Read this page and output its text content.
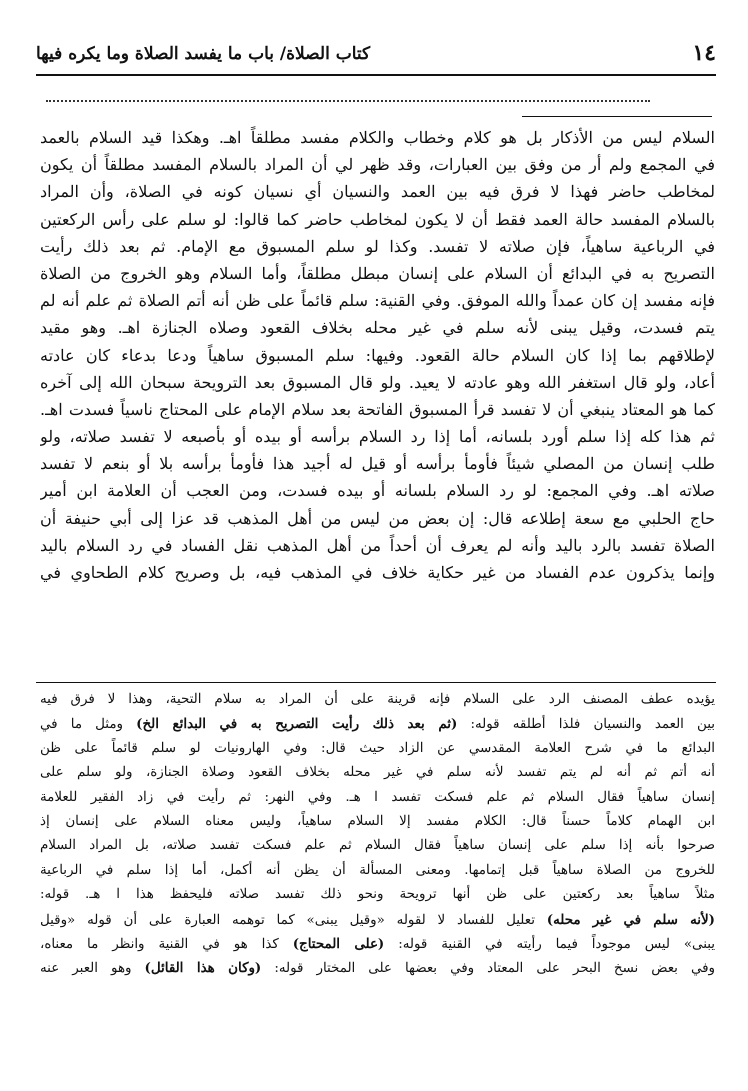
١٤
كتاب الصلاة/ باب ما يفسد الصلاة وما يكره فيها
السلام ليس من الأذكار بل هو كلام وخطاب والكلام مفسد مطلقاً اهـ. وهكذا قيد السلام بالعمد
في المجمع ولم أر من وفق بين العبارات، وقد ظهر لي أن المراد بالسلام المفسد مطلقاً أن يكون
لمخاطب حاضر فهذا لا فرق فيه بين العمد والنسيان أي نسيان كونه في الصلاة، وأن المراد
بالسلام المفسد حالة العمد فقط أن لا يكون لمخاطب حاضر كما قالوا: لو سلم على رأس الركعتين
في الرباعية ساهياً، فإن صلاته لا تفسد. وكذا لو سلم المسبوق مع الإمام. ثم بعد ذلك رأيت
التصريح به في البدائع أن السلام على إنسان مبطل مطلقاً، وأما السلام وهو الخروج من الصلاة
فإنه مفسد إن كان عمداً والله الموفق. وفي القنية: سلم قائماً على ظن أنه أتم الصلاة ثم علم أنه لم
يتم فسدت، وقيل يبنى لأنه سلم في غير محله بخلاف القعود وصلاه الجنازة اهـ. وهو مقيد
لإطلاقهم بما إذا كان السلام حالة القعود. وفيها: سلم المسبوق ساهياً ودعا بدعاء كان عادته
أعاد، ولو قال استغفر الله وهو عادته لا يعيد. ولو قال المسبوق بعد الترويحة سبحان الله إلى آخره
كما هو المعتاد ينبغي أن لا تفسد قرأ المسبوق الفاتحة بعد سلام الإمام على المحتاج ناسياً فسدت اهـ.
ثم هذا كله إذا سلم أورد بلسانه، أما إذا رد السلام برأسه أو بيده أو بأصبعه لا تفسد صلاته، ولو
طلب إنسان من المصلي شيئاً فأومأ برأسه أو قيل له أجيد هذا فأومأ برأسه بلا أو بنعم لا تفسد
صلاته اهـ. وفي المجمع: لو رد السلام بلسانه أو بيده فسدت، ومن العجب أن العلامة ابن أمير
حاج الحلبي مع سعة إطلاعه قال: إن بعض من ليس من أهل المذهب قد عزا إلى أبي حنيفة أن
الصلاة تفسد بالرد باليد وأنه لم يعرف أن أحداً من أهل المذهب نقل الفساد في رد السلام باليد
وإنما يذكرون عدم الفساد من غير حكاية خلاف في المذهب فيه، بل وصريح كلام الطحاوي في
يؤيده عطف المصنف الرد على السلام فإنه قرينة على أن المراد به سلام التحية، وهذا لا فرق فيه
بين العمد والنسيان فلذا أطلقه قوله: (ثم بعد ذلك رأيت التصريح به في البدائع الخ) ومثل ما في
البدائع ما في شرح العلامة المقدسي عن الزاد حيث قال: وفي الهارونيات لو سلم قائماً على ظن
أنه أتم ثم أنه لم يتم تفسد لأنه سلم في غير محله بخلاف القعود وصلاة الجنازة، ولو سلم على
إنسان ساهياً فقال السلام ثم علم فسكت تفسد ا هـ. وفي النهر: ثم رأيت في زاد الفقير للعلامة
ابن الهمام كلاماً حسناً قال: الكلام مفسد إلا السلام ساهياً، وليس معناه السلام على إنسان إذ
صرحوا بأنه إذا سلم على إنسان ساهياً فقال السلام ثم علم فسكت تفسد صلاته، بل المراد السلام
للخروج من الصلاة ساهياً قبل إتمامها. ومعنى المسألة أن يظن أنه أكمل، أما إذا سلم في الرباعية
مثلاً ساهياً بعد ركعتين على ظن أنها ترويحة ونحو ذلك تفسد صلاته فليحفظ هذا ا هـ. قوله:
(لأنه سلم في غير محله) تعليل للفساد لا لقوله «وقيل يبنى» كما توهمه العبارة على أن قوله «وقيل
يبنى» ليس موجوداً فيما رأيته في القنية قوله: (على المحتاج) كذا هو في القنية وانظر ما معناه،
وفي بعض نسخ البحر على المعتاد وفي بعضها على المختار قوله: (وكان هذا القائل) وهو العبر عنه
